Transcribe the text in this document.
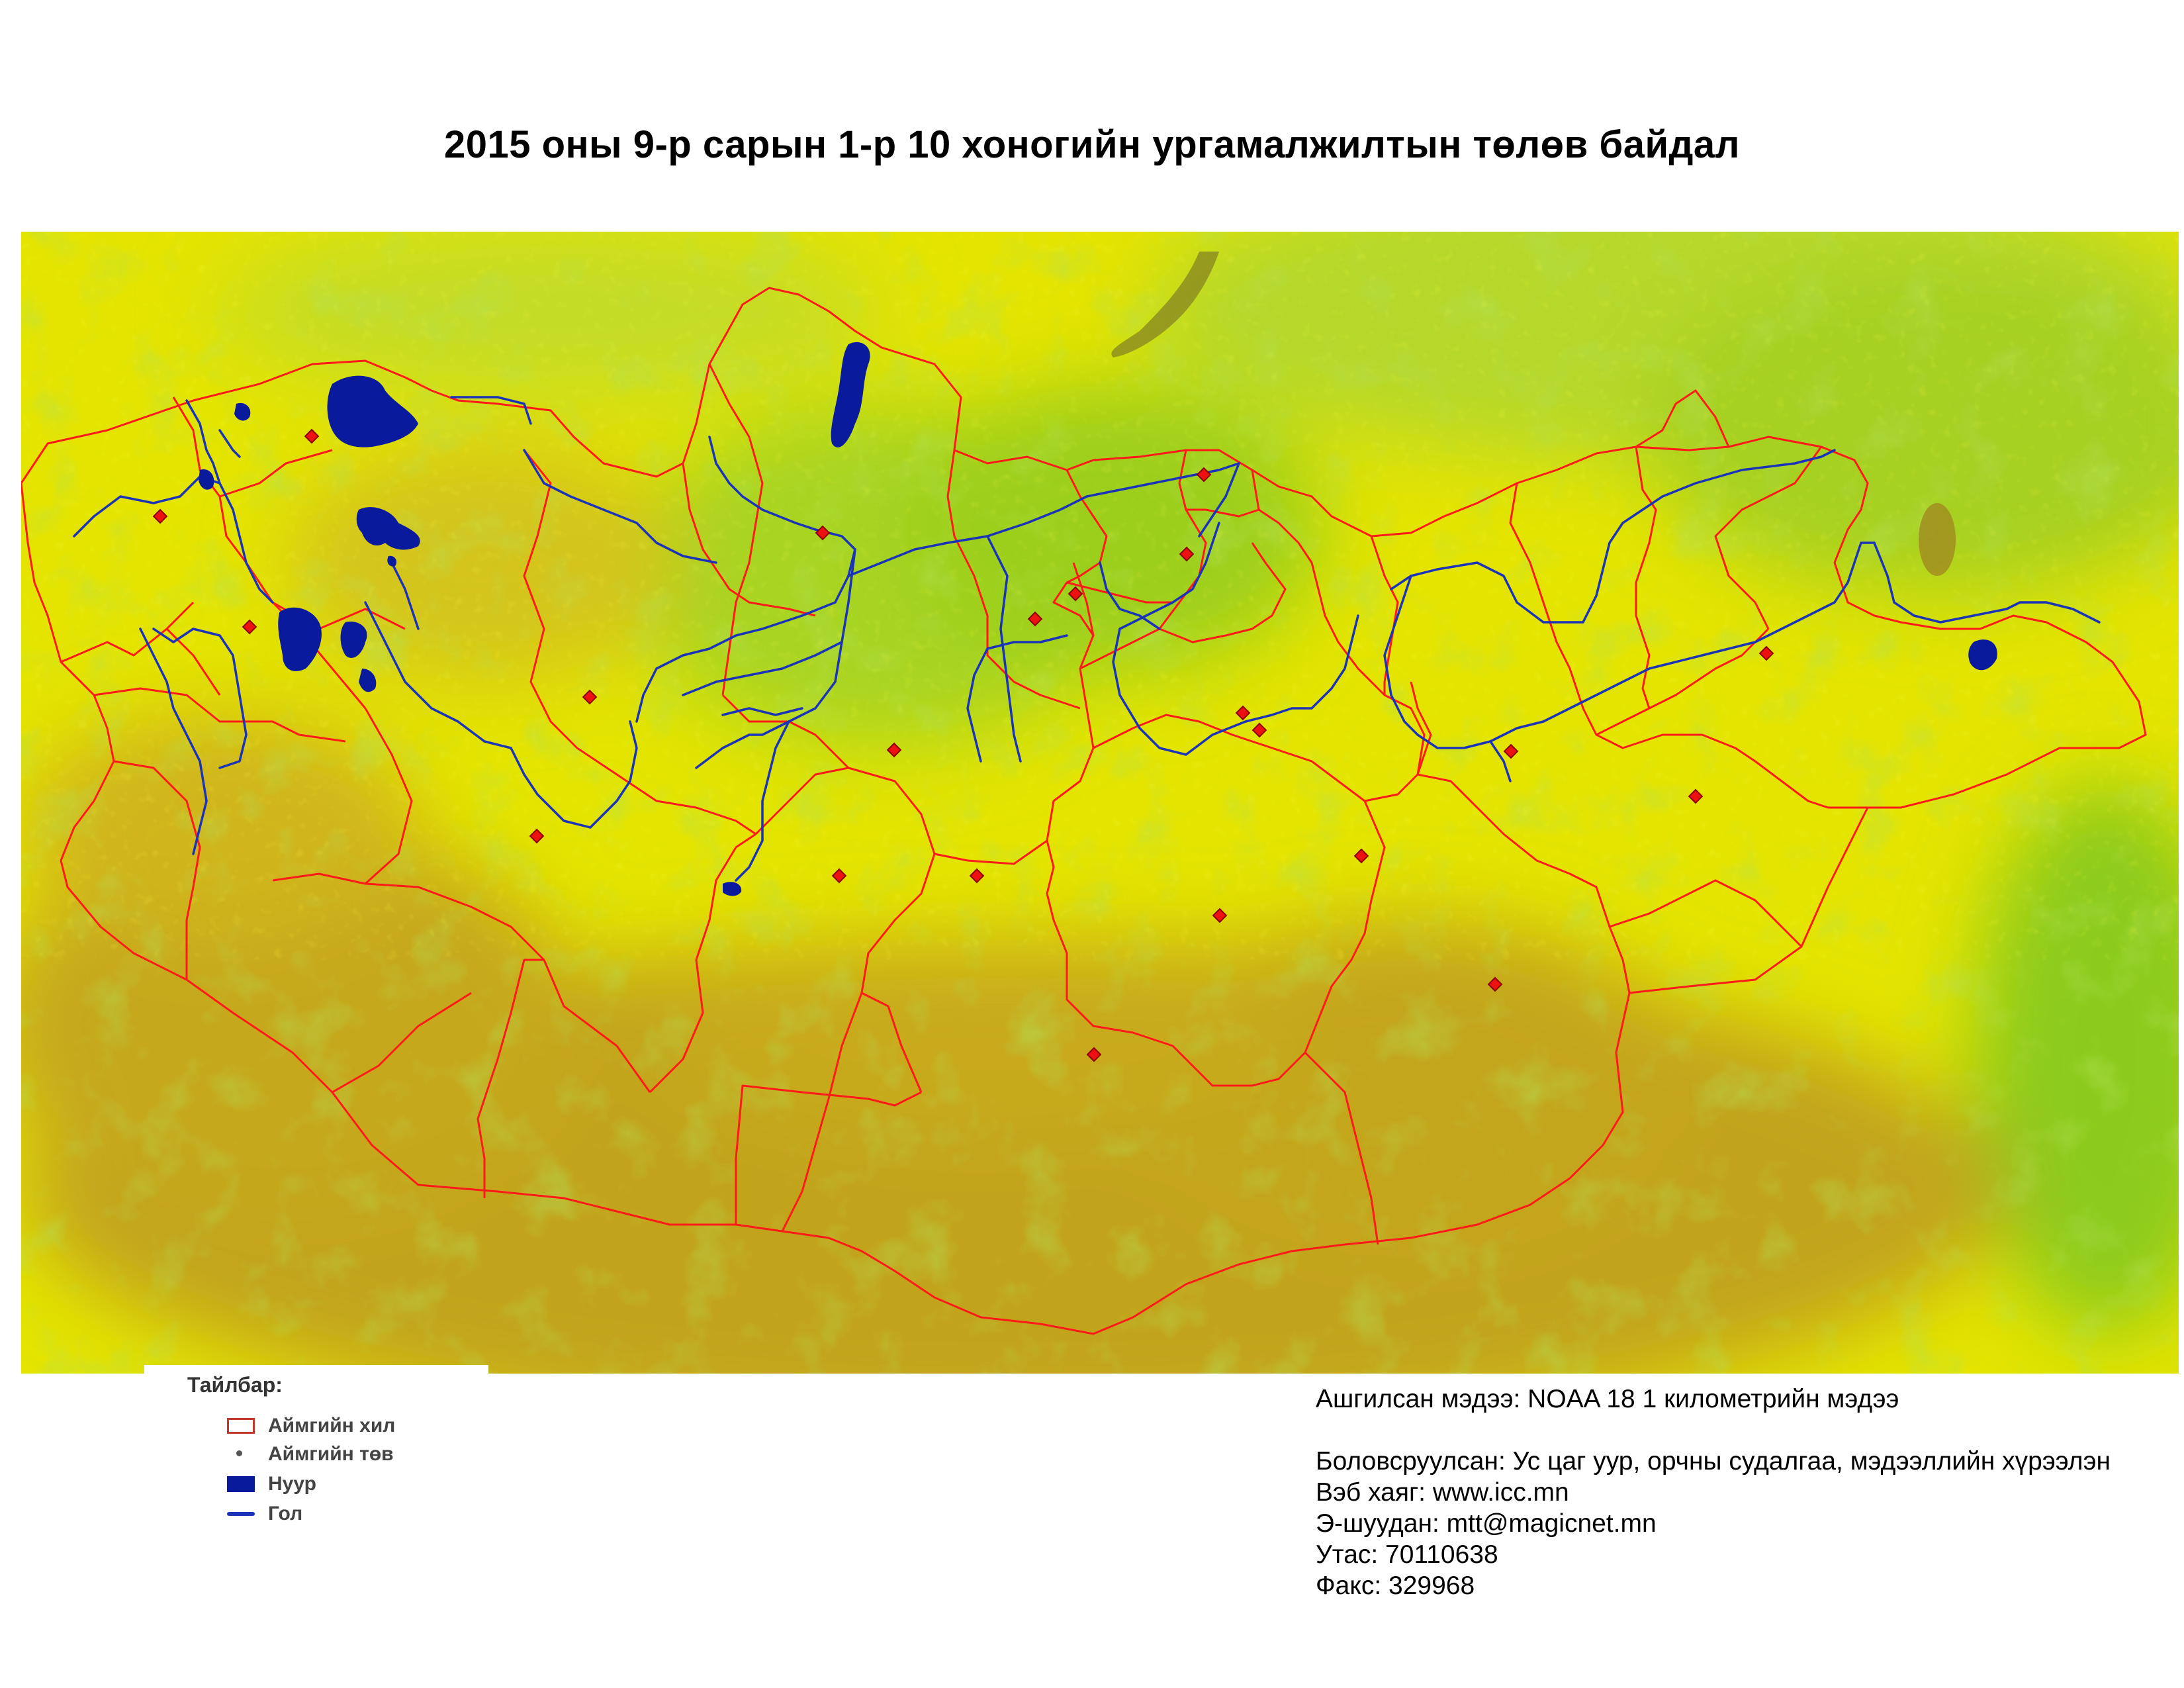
2015 оны 9-р сарын 1-р 10 хоногийн ургамалжилтын төлөв байдал
Тайлбар:
Аймгийн хил
Аймгийн төв
Нуур
Гол
Ашгилсан мэдээ: NOAA 18 1 километрийн мэдээ
Боловсруулсан: Ус цаг уур, орчны судалгаа, мэдээллийн хүрээлэн
Вэб хаяг: www.icc.mn
Э-шуудан: mtt@magicnet.mn
Утас: 70110638
Факс: 329968
